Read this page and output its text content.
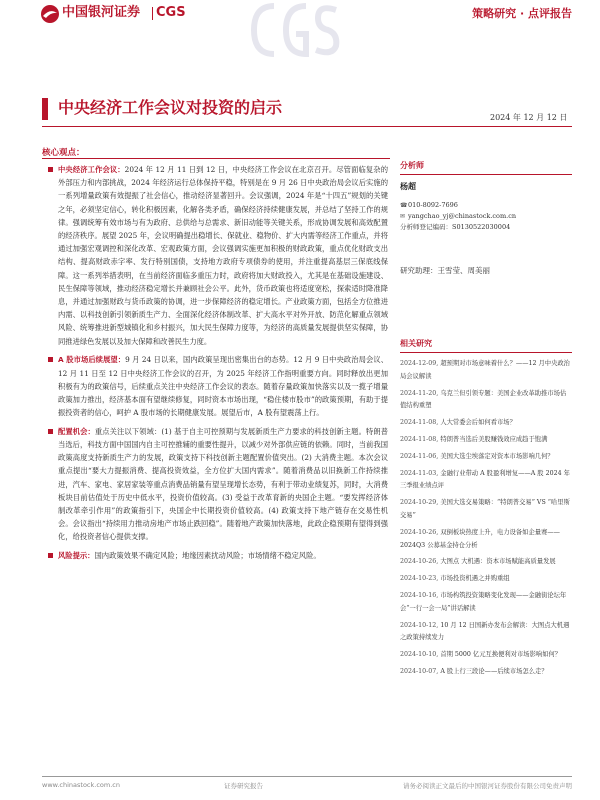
中国银河证券 CGS	策略研究 · 点评报告
中央经济工作会议对投资的启示
2024 年 12 月 12 日
核心观点：

中央经济工作会议：2024 年 12 月 11 日到 12 日，中央经济工作会议在北京召开。尽管面临复杂的外部压力和内部挑战，2024 年经济运行总体保持平稳，特别是在 9 月 26 日中央政治局会议后实施的一系列增量政策有效提振了社会信心，推动经济显著回升。会议强调，2024 年是“十四五”规划的关键之年，必须坚定信心，转化积极因素，化解各类矛盾，确保经济持续健康发展，并总结了坚持工作的规律。强调统筹有效市场与有为政府、总供给与总需求、新旧动能等关键关系，形成协调发展和高效配置的经济秩序。展望 2025 年，会议明确提出稳增长、保就业、稳物价、扩大内需等经济工作重点，并将通过加强宏观调控和深化改革、宏观政策方面，会议强调实施更加积极的财政政策，重点优化财政支出结构、提高财政赤字率、发行特别国债，支持地方政府专项债券的使用，并注重提高基层三保底线保障。这一系列举措表明，在当前经济面临多重压力时，政府将加大财政投入，尤其是在基础设施建设、民生保障等领域，推动经济稳定增长并兼顾社会公平。此外，货币政策也将适度宽松，探索适时降准降息，并通过加强财政与货币政策的协调，进一步保障经济的稳定增长。产业政策方面，包括全方位推进内需、以科技创新引领新质生产力、全面深化经济体制改革、扩大高水平对外开放、防范化解重点领域风险、统筹推进新型城镇化和乡村振兴，加大民生保障力度等，为经济的高质量发展提供坚实保障，协同推进绿色发展以及加大保障和改善民生力度。

A 股市场后续展望：9 月 24 日以来，国内政策呈现出密集出台的态势。12 月 9 日中央政治局会议、12 月 11 日至 12 日中央经济工作会议的召开，为 2025 年经济工作指明重要方向。同时释放出更加积极有为的政策信号，后续重点关注中央经济工作会议的表态。随着存量政策加快落实以及一揽子增量政策加力推出，经济基本面有望继续修复，同时资本市场出现，“稳住楼市股市”的政策预期，有助于提振投资者的信心，呵护 A 股市场的长期健康发展。展望后市，A 股有望震荡上行。

配置机会：重点关注以下领域：(1) 基于自主可控预期与发展新质生产力要求的科技创新主题。特朗普当选后，科技方面中国国内自主可控推辅的重要性提升，以减少对外部供应链的依赖。同时，当前我国政策高度支持新质生产力的发展，政策支持下科技创新主题配置价值突出。(2) 大消费主题。本次会议重点提出“要大力提振消费、提高投资效益，全方位扩大国内需求”。随着消费品以旧换新工作持续推进，汽车、家电、家居家装等重点消费品销量有望呈现增长态势，有利于带动业绩复苏，同时，大消费板块目前估值处于历史中低水平，投资价值较高。(3) 受益于改革育新的央国企主题。“要发挥经济体制改革牵引作用”的政策指引下，央国企中长期投资价值较高。(4) 政策支持下地产链存在交易性机会。会议指出“持续用力推动房地产市场止跌回稳”。随着地产政策加快落地，此政企稳预期有望得到强化，给投资者信心提供支撑。

风险提示：国内政策效果不确定风险；地缘因素扰动风险；市场情绪不稳定风险。

分析师
杨超
☎010-8092-7696
✉ yangchao_yj@chinastock.com.cn
分析师登记编码：S0130522030004
研究助理：王雪莹、周美丽
相关研究
2024-12-09, 超预期对市场意味着什么？——12 月中央政治局会议解读
2024-11-20, 乌克兰但引领专题：美国企业改革助推市场估值结构重塑
2024-11-08, 人大常委会后如何看市场？
2024-11-08, 特朗普当选后美股赚钱效应成趋于饱满
2024-11-06, 美国大选尘埃落定对资本市场影响几何？
2024-11-03, 金融行业带动 A 股盈利增复——A 股 2024 年三季报业绩点评
2024-10-29, 美国大选交易策略：“特朗普交易” VS “哈里斯交易”
2024-10-26, 双倒板块热度上升，电力设备如企量赛——2024Q3 公募基金持仓分析
2024-10-26, 大图点 大机遇：资本市场赋能高质量发展
2024-10-23, 市场投资机遇之并购重组
2024-10-16, 市场构筑投资策略变化发现——金融街论坛年会“一行一会一局”讲话解读
2024-10-12, 10 月 12 日国新办发布会解读：大图点大机遇之政策持续发力
2024-10-10, 首期 5000 亿元互换便利对市场影响如何？
2024-10-07, A 股上行三段论——后续市场怎么走？
www.chinastock.com.cn	证券研究报告	请务必阅读正文最后的中国银河证券股份有限公司免责声明
